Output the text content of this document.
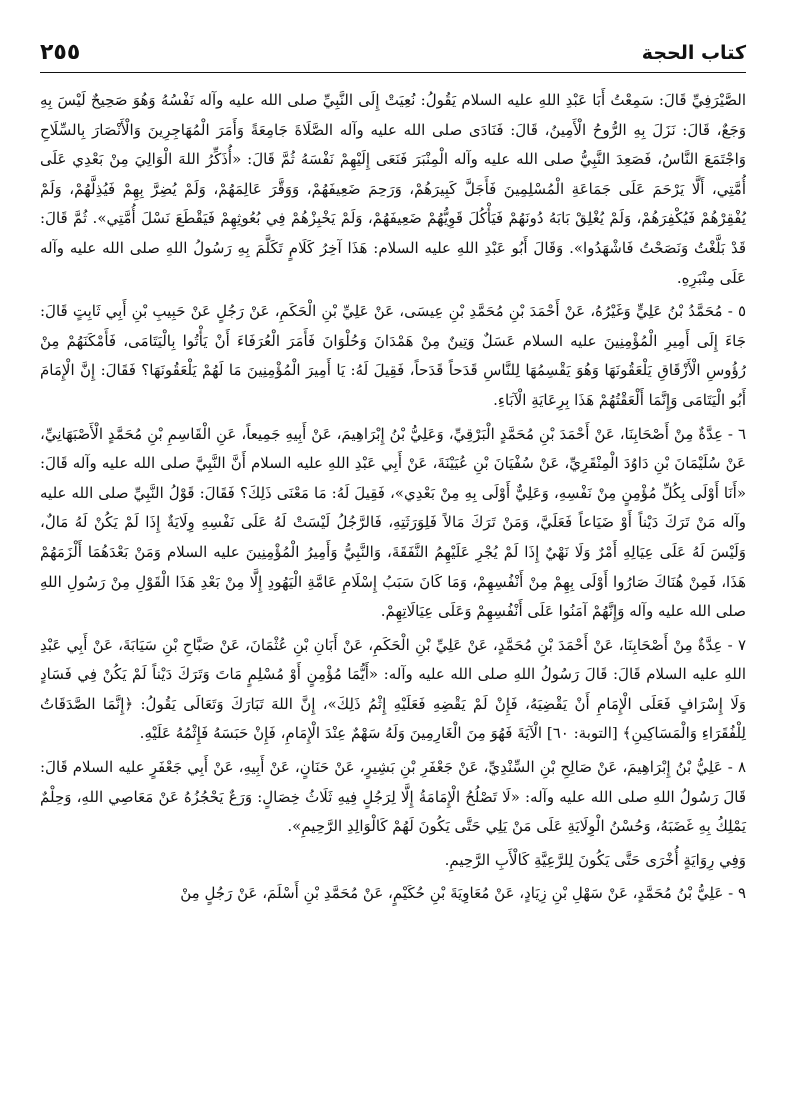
كتاب الحجة
٢٥٥

الصَّيْرَفِيِّ قَالَ: سَمِعْتُ أَبَا عَبْدِ اللهِ عليه السلام يَقُولُ: نُعِيَتْ إِلَى النَّبِيِّ صلى الله عليه وآله نَفْسُهُ وَهُوَ صَحِيحٌ لَيْسَ بِهِ وَجَعٌ، قَالَ: نَزَلَ بِهِ الرُّوحُ الْأَمِينُ، قَالَ: فَنَادَى صلى الله عليه وآله الصَّلَاةَ جَامِعَةً وَأَمَرَ الْمُهَاجِرِينَ وَالْأَنْصَارَ بِالسِّلَاحِ وَاجْتَمَعَ النَّاسُ، فَصَعِدَ النَّبِيُّ صلى الله عليه وآله الْمِنْبَرَ فَنَعَى إِلَيْهِمْ نَفْسَهُ ثُمَّ قَالَ: «أُذَكِّرُ اللهَ الْوَالِيَ مِنْ بَعْدِي عَلَى أُمَّتِي، أَلَّا يَرْحَمَ عَلَى جَمَاعَةِ الْمُسْلِمِينَ فَأَجَلَّ كَبِيرَهُمْ، وَرَحِمَ ضَعِيفَهُمْ، وَوَقَّرَ عَالِمَهُمْ، وَلَمْ يُضِرَّ بِهِمْ فَيُذِلَّهُمْ، وَلَمْ يُفْقِرْهُمْ فَيُكْفِرَهُمْ، وَلَمْ يُغْلِقْ بَابَهُ دُونَهُمْ فَيَأْكُلَ قَوِيُّهُمْ ضَعِيفَهُمْ، وَلَمْ يَخْبِزْهُمْ فِي بُعُوثِهِمْ فَيَقْطَعَ نَسْلَ أُمَّتِي». ثُمَّ قَالَ: قَدْ بَلَّغْتُ وَنَصَحْتُ فَاشْهَدُوا». وَقَالَ أَبُو عَبْدِ اللهِ عليه السلام: هَذَا آخِرُ كَلَامٍ تَكَلَّمَ بِهِ رَسُولُ اللهِ صلى الله عليه وآله عَلَى مِنْبَرِهِ.

٥ - مُحَمَّدُ بْنُ عَلِيٍّ وَغَيْرُهُ، عَنْ أَحْمَدَ بْنِ مُحَمَّدِ بْنِ عِيسَى، عَنْ عَلِيِّ بْنِ الْحَكَمِ، عَنْ رَجُلٍ عَنْ حَبِيبِ بْنِ أَبِي ثَابِتٍ قَالَ: جَاءَ إِلَى أَمِيرِ الْمُؤْمِنِينَ عليه السلام عَسَلٌ وَتِينٌ مِنْ هَمْدَانَ وَحُلْوَانَ فَأَمَرَ الْعُرَفَاءَ أَنْ يَأْتُوا بِالْيَتَامَى، فَأَمْكَنَهُمْ مِنْ رُؤُوسِ الْأَزْقَاقِ يَلْعَقُونَهَا وَهُوَ يَقْسِمُهَا لِلنَّاسِ قَدَحاً قَدَحاً، فَقِيلَ لَهُ: يَا أَمِيرَ الْمُؤْمِنِينَ مَا لَهُمْ يَلْعَقُونَهَا؟ فَقَالَ: إِنَّ الْإِمَامَ أَبُو الْيَتَامَى وَإِنَّمَا أَلْعَقْتُهُمْ هَذَا بِرِعَايَةِ الْآبَاءِ.

٦ - عِدَّةٌ مِنْ أَصْحَابِنَا، عَنْ أَحْمَدَ بْنِ مُحَمَّدٍ الْبَرْقِيِّ، وَعَلِيُّ بْنُ إِبْرَاهِيمَ، عَنْ أَبِيهِ جَمِيعاً، عَنِ الْقَاسِمِ بْنِ مُحَمَّدٍ الْأَصْبَهَانِيِّ، عَنْ سُلَيْمَانَ بْنِ دَاوُدَ الْمِنْقَرِيِّ، عَنْ سُفْيَانَ بْنِ عُيَيْنَةَ، عَنْ أَبِي عَبْدِ اللهِ عليه السلام أَنَّ النَّبِيَّ صلى الله عليه وآله قَالَ: «أَنَا أَوْلَى بِكُلِّ مُؤْمِنٍ مِنْ نَفْسِهِ، وَعَلِيٌّ أَوْلَى بِهِ مِنْ بَعْدِي»، فَقِيلَ لَهُ: مَا مَعْنَى ذَلِكَ؟ فَقَالَ: قَوْلُ النَّبِيِّ صلى الله عليه وآله مَنْ تَرَكَ دَيْناً أَوْ ضَيَاعاً فَعَلَيَّ، وَمَنْ تَرَكَ مَالاً فَلِوَرَثَتِهِ، فَالرَّجُلُ لَيْسَتْ لَهُ عَلَى نَفْسِهِ وِلَايَةٌ إِذَا لَمْ يَكُنْ لَهُ مَالٌ، وَلَيْسَ لَهُ عَلَى عِيَالِهِ أَمْرٌ وَلَا نَهْيٌ إِذَا لَمْ يُجْرِ عَلَيْهِمُ النَّفَقَةَ، وَالنَّبِيُّ وَأَمِيرُ الْمُؤْمِنِينَ عليه السلام وَمَنْ بَعْدَهُمَا أَلْزَمَهُمْ هَذَا، فَمِنْ هُنَاكَ صَارُوا أَوْلَى بِهِمْ مِنْ أَنْفُسِهِمْ، وَمَا كَانَ سَبَبُ إِسْلَامِ عَامَّةِ الْيَهُودِ إِلَّا مِنْ بَعْدِ هَذَا الْقَوْلِ مِنْ رَسُولِ اللهِ صلى الله عليه وآله وَإِنَّهُمْ آمَنُوا عَلَى أَنْفُسِهِمْ وَعَلَى عِيَالَاتِهِمْ.

٧ - عِدَّةٌ مِنْ أَصْحَابِنَا، عَنْ أَحْمَدَ بْنِ مُحَمَّدٍ، عَنْ عَلِيِّ بْنِ الْحَكَمِ، عَنْ أَبَانِ بْنِ عُثْمَانَ، عَنْ صَبَّاحِ بْنِ سَيَابَةَ، عَنْ أَبِي عَبْدِ اللهِ عليه السلام قَالَ: قَالَ رَسُولُ اللهِ صلى الله عليه وآله: «أَيُّمَا مُؤْمِنٍ أَوْ مُسْلِمٍ مَاتَ وَتَرَكَ دَيْناً لَمْ يَكُنْ فِي فَسَادٍ وَلَا إِسْرَافٍ فَعَلَى الْإِمَامِ أَنْ يَقْضِيَهُ، فَإِنْ لَمْ يَقْضِهِ فَعَلَيْهِ إِثْمُ ذَلِكَ»، إِنَّ اللهَ تَبَارَكَ وَتَعَالَى يَقُولُ: ﴿إِنَّمَا الصَّدَقَاتُ لِلْفُقَرَاءِ وَالْمَسَاكِينِ﴾ [التوبة: ٦٠] الْآيَةَ فَهُوَ مِنَ الْغَارِمِينَ وَلَهُ سَهْمٌ عِنْدَ الْإِمَامِ، فَإِنْ حَبَسَهُ فَإِثْمُهُ عَلَيْهِ.

٨ - عَلِيُّ بْنُ إِبْرَاهِيمَ، عَنْ صَالِحِ بْنِ السِّنْدِيِّ، عَنْ جَعْفَرِ بْنِ بَشِيرٍ، عَنْ حَنَانٍ، عَنْ أَبِيهِ، عَنْ أَبِي جَعْفَرٍ عليه السلام قَالَ: قَالَ رَسُولُ اللهِ صلى الله عليه وآله: «لَا تَصْلُحُ الْإِمَامَةُ إِلَّا لِرَجُلٍ فِيهِ ثَلَاثُ خِصَالٍ: وَرَعٌ يَحْجُزُهُ عَنْ مَعَاصِي اللهِ، وَحِلْمٌ يَمْلِكُ بِهِ غَضَبَهُ، وَحُسْنُ الْوِلَايَةِ عَلَى مَنْ يَلِي حَتَّى يَكُونَ لَهُمْ كَالْوَالِدِ الرَّحِيمِ».

وَفِي رِوَايَةٍ أُخْرَى حَتَّى يَكُونَ لِلرَّعِيَّةِ كَالْأَبِ الرَّحِيمِ.

٩ - عَلِيُّ بْنُ مُحَمَّدٍ، عَنْ سَهْلِ بْنِ زِيَادٍ، عَنْ مُعَاوِيَةَ بْنِ حُكَيْمٍ، عَنْ مُحَمَّدِ بْنِ أَسْلَمَ، عَنْ رَجُلٍ مِنْ
